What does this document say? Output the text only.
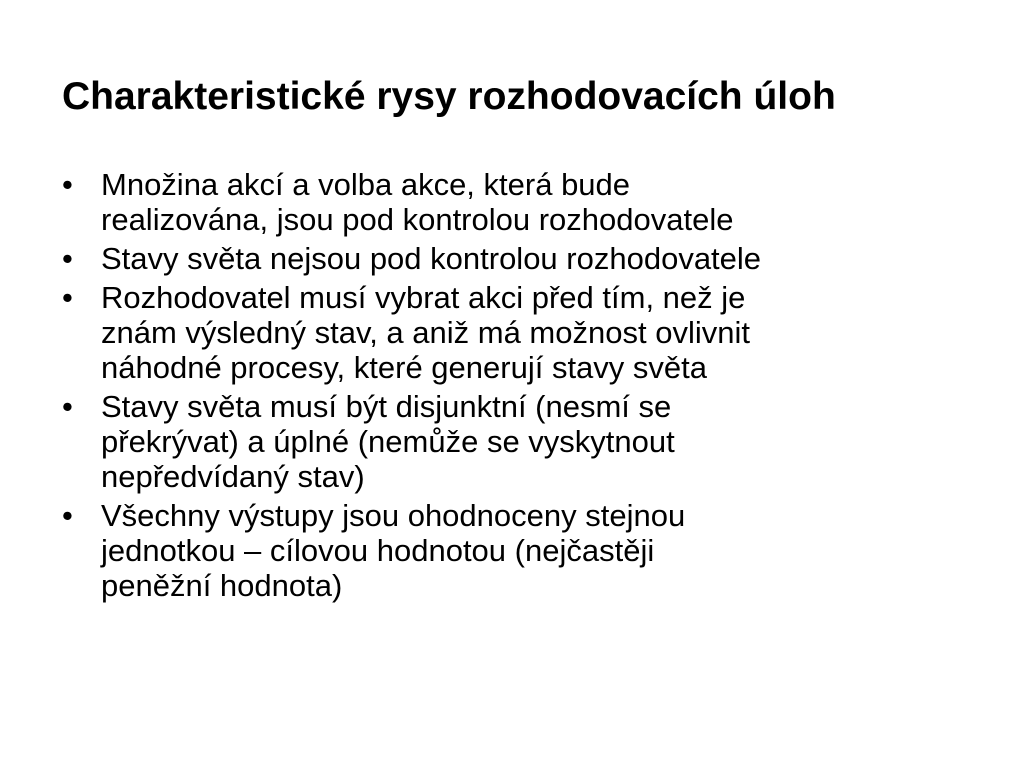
Charakteristické rysy rozhodovacích úloh
• Množina akcí a volba akce, která bude
realizována, jsou pod kontrolou rozhodovatele
• Stavy světa nejsou pod kontrolou rozhodovatele
• Rozhodovatel musí vybrat akci před tím, než je
znám výsledný stav, a aniž má možnost ovlivnit
náhodné procesy, které generují stavy světa
• Stavy světa musí být disjunktní (nesmí se
překrývat) a úplné (nemůže se vyskytnout
nepředvídaný stav)
• Všechny výstupy jsou ohodnoceny stejnou
jednotkou – cílovou hodnotou (nejčastěji
peněžní hodnota)
